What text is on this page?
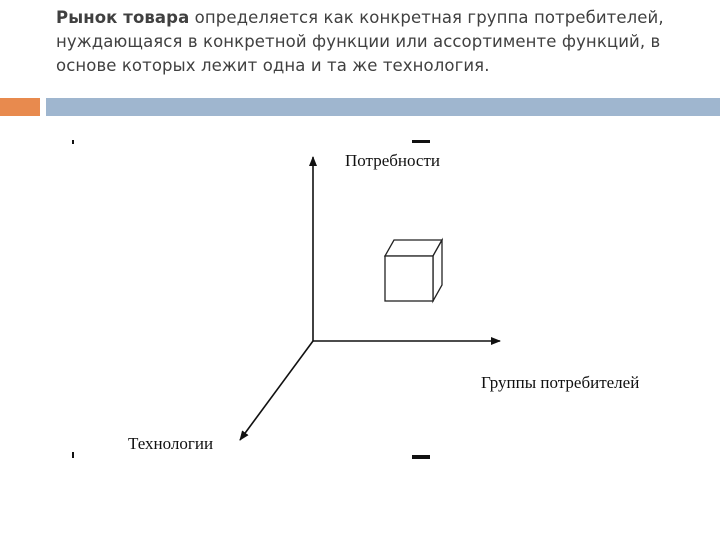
Рынок товара определяется как конкретная группа потребителей, нуждающаяся в конкретной функции или ассортименте функций, в основе которых лежит одна и та же технология.
Потребности
Группы потребителей
Технологии
